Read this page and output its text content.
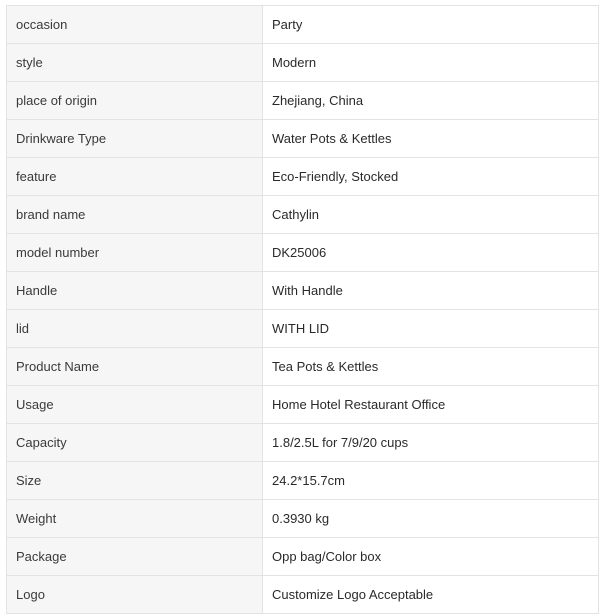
occasion	Party
style	Modern
place of origin	Zhejiang, China
Drinkware Type	Water Pots & Kettles
feature	Eco-Friendly, Stocked
brand name	Cathylin
model number	DK25006
Handle	With Handle
lid	WITH LID
Product Name	Tea Pots & Kettles
Usage	Home Hotel Restaurant Office
Capacity	1.8/2.5L for 7/9/20 cups
Size	24.2*15.7cm
Weight	0.3930 kg
Package	Opp bag/Color box
Logo	Customize Logo Acceptable
